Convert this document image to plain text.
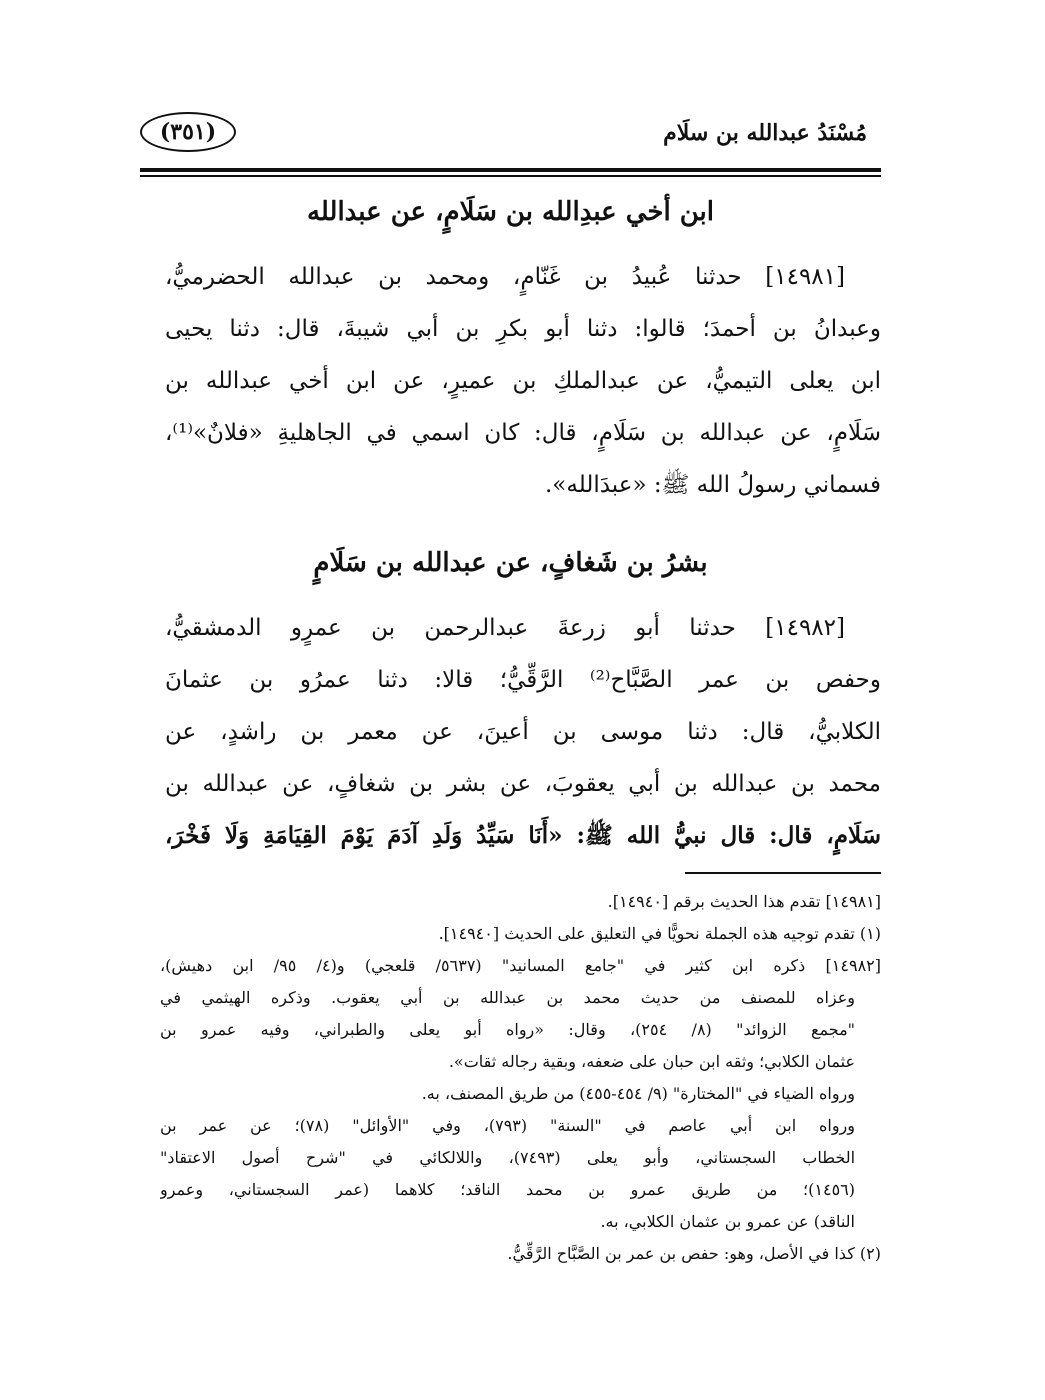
مُسْنَدُ عبدالله بن سلَام
(٣٥١)
ابن أخي عبدِالله بن سَلَامٍ، عن عبدالله
[١٤٩٨١] حدثنا عُبيدُ بن غَنّامٍ، ومحمد بن عبدالله الحضرميُّ،
وعبدانُ بن أحمدَ؛ قالوا: دثنا أبو بكرِ بن أبي شيبةَ، قال: دثنا يحيى
ابن يعلى التيميُّ، عن عبدالملكِ بن عميرٍ، عن ابن أخي عبدالله بن
سَلَامٍ، عن عبدالله بن سَلَامٍ، قال: كان اسمي في الجاهليةِ «فلانٌ»⁽¹⁾،
فسماني رسولُ الله ﷺ: «عبدَالله».
بشرُ بن شَغافٍ، عن عبدالله بن سَلَامٍ
[١٤٩٨٢] حدثنا أبو زرعةَ عبدالرحمن بن عمرٍو الدمشقيُّ،
وحفص بن عمر الصَّبَّاح⁽²⁾ الرَّقِّيُّ؛ قالا: دثنا عمرُو بن عثمانَ
الكلابيُّ، قال: دثنا موسى بن أعينَ، عن معمر بن راشدٍ، عن
محمد بن عبدالله بن أبي يعقوبَ، عن بشر بن شغافٍ، عن عبدالله بن
سَلَامٍ، قال: قال نبيُّ الله ﷺ: «أَنَا سَيِّدُ وَلَدِ آدَمَ يَوْمَ القِيَامَةِ وَلَا فَخْرَ،
[١٤٩٨١] تقدم هذا الحديث برقم [١٤٩٤٠].
(١) تقدم توجيه هذه الجملة نحويًّا في التعليق على الحديث [١٤٩٤٠].
[١٤٩٨٢] ذكره ابن كثير في "جامع المسانيد" (٥٦٣٧/ قلعجي) و(٤/ ٩٥/ ابن دهيش)،
وعزاه للمصنف من حديث محمد بن عبدالله بن أبي يعقوب. وذكره الهيثمي في
"مجمع الزوائد" (٨/ ٢٥٤)، وقال: «رواه أبو يعلى والطبراني، وفيه عمرو بن
عثمان الكلابي؛ وثقه ابن حبان على ضعفه، وبقية رجاله ثقات».
ورواه الضياء في "المختارة" (٩/ ٤٥٤-٤٥٥) من طريق المصنف، به.
ورواه ابن أبي عاصم في "السنة" (٧٩٣)، وفي "الأوائل" (٧٨)؛ عن عمر بن
الخطاب السجستاني، وأبو يعلى (٧٤٩٣)، واللالكائي في "شرح أصول الاعتقاد"
(١٤٥٦)؛ من طريق عمرو بن محمد الناقد؛ كلاهما (عمر السجستاني، وعمرو
الناقد) عن عمرو بن عثمان الكلابي، به.
(٢) كذا في الأصل، وهو: حفص بن عمر بن الصَّبَّاح الرَّقِّيُّ.
